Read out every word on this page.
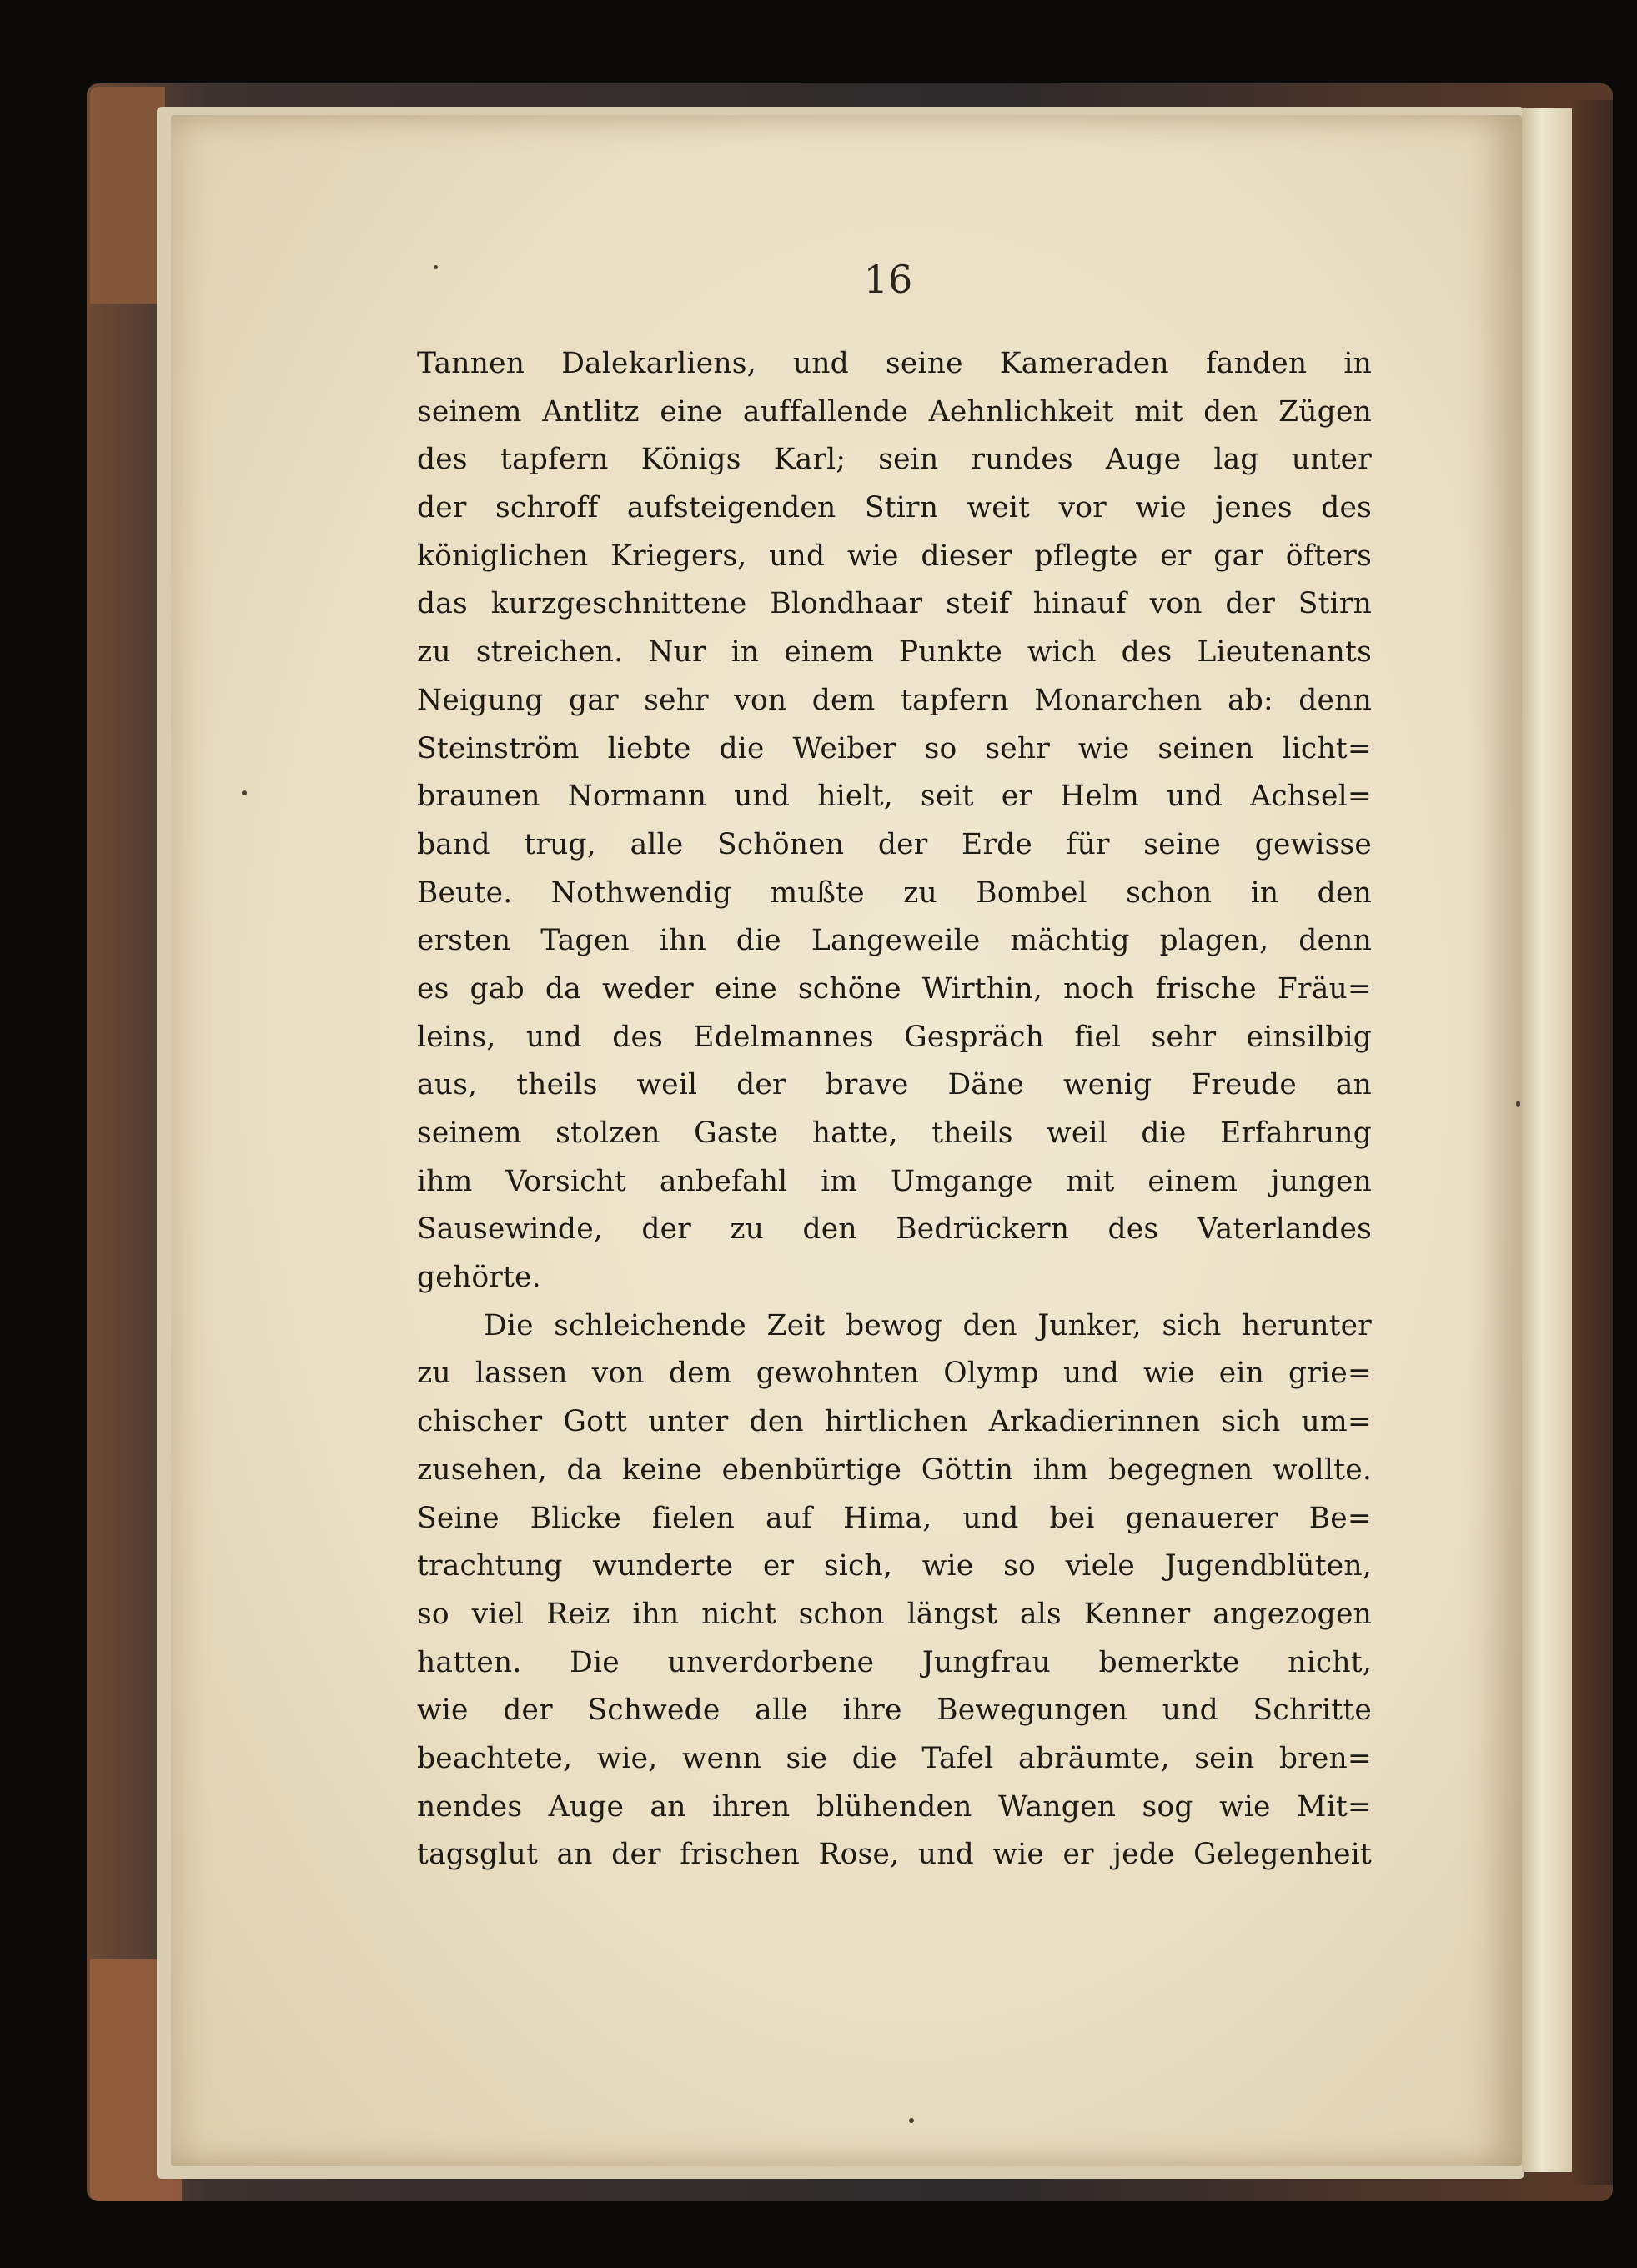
16
Tannen Dalekarliens, und seine Kameraden fanden in
seinem Antlitz eine auffallende Aehnlichkeit mit den Zügen
des tapfern Königs Karl; sein rundes Auge lag unter
der schroff aufsteigenden Stirn weit vor wie jenes des
königlichen Kriegers, und wie dieser pflegte er gar öfters
das kurzgeschnittene Blondhaar steif hinauf von der Stirn
zu streichen. Nur in einem Punkte wich des Lieutenants
Neigung gar sehr von dem tapfern Monarchen ab: denn
Steinström liebte die Weiber so sehr wie seinen licht=
braunen Normann und hielt, seit er Helm und Achsel=
band trug, alle Schönen der Erde für seine gewisse
Beute. Nothwendig mußte zu Bombel schon in den
ersten Tagen ihn die Langeweile mächtig plagen, denn
es gab da weder eine schöne Wirthin, noch frische Fräu=
leins, und des Edelmannes Gespräch fiel sehr einsilbig
aus, theils weil der brave Däne wenig Freude an
seinem stolzen Gaste hatte, theils weil die Erfahrung
ihm Vorsicht anbefahl im Umgange mit einem jungen
Sausewinde, der zu den Bedrückern des Vaterlandes
gehörte.
Die schleichende Zeit bewog den Junker, sich herunter
zu lassen von dem gewohnten Olymp und wie ein grie=
chischer Gott unter den hirtlichen Arkadierinnen sich um=
zusehen, da keine ebenbürtige Göttin ihm begegnen wollte.
Seine Blicke fielen auf Hima, und bei genauerer Be=
trachtung wunderte er sich, wie so viele Jugendblüten,
so viel Reiz ihn nicht schon längst als Kenner angezogen
hatten. Die unverdorbene Jungfrau bemerkte nicht,
wie der Schwede alle ihre Bewegungen und Schritte
beachtete, wie, wenn sie die Tafel abräumte, sein bren=
nendes Auge an ihren blühenden Wangen sog wie Mit=
tagsglut an der frischen Rose, und wie er jede Gelegenheit
